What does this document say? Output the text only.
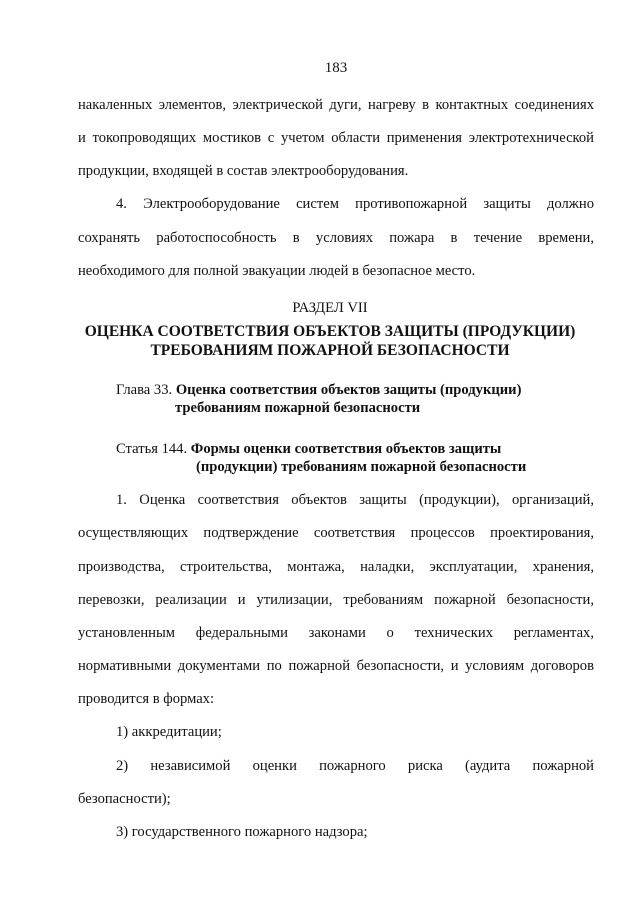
183
накаленных элементов, электрической дуги, нагреву в контактных соединениях
и токопроводящих мостиков с учетом области применения электротехнической
продукции, входящей в состав электрооборудования.
4. Электрооборудование систем противопожарной защиты должно
сохранять работоспособность в условиях пожара в течение времени,
необходимого для полной эвакуации людей в безопасное место.
РАЗДЕЛ VII
ОЦЕНКА СООТВЕТСТВИЯ ОБЪЕКТОВ ЗАЩИТЫ (ПРОДУКЦИИ)
ТРЕБОВАНИЯМ ПОЖАРНОЙ БЕЗОПАСНОСТИ
Глава 33. Оценка соответствия объектов защиты (продукции)
требованиям пожарной безопасности
Статья 144. Формы оценки соответствия объектов защиты
(продукции) требованиям пожарной безопасности
1. Оценка соответствия объектов защиты (продукции), организаций,
осуществляющих подтверждение соответствия процессов проектирования,
производства, строительства, монтажа, наладки, эксплуатации, хранения,
перевозки, реализации и утилизации, требованиям пожарной безопасности,
установленным федеральными законами о технических регламентах,
нормативными документами по пожарной безопасности, и условиям договоров
проводится в формах:
1) аккредитации;
2) независимой оценки пожарного риска (аудита пожарной
безопасности);
3) государственного пожарного надзора;
